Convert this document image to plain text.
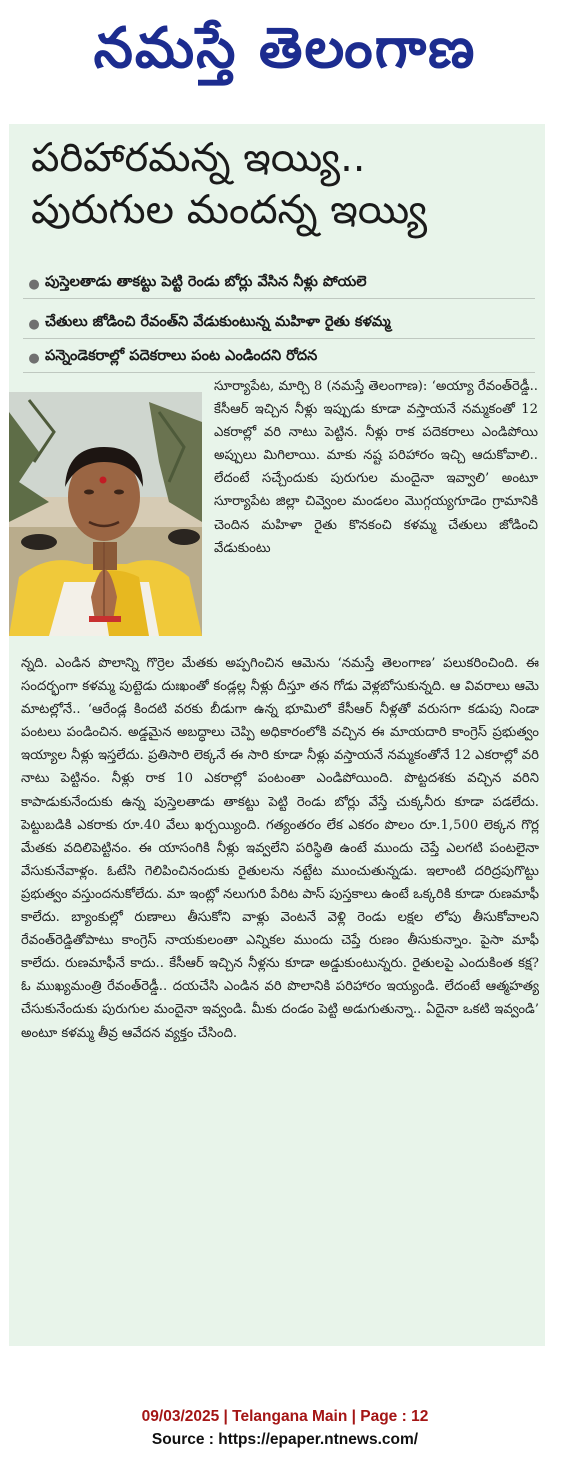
నమస్తే తెలంగాణ
పరిహారమన్న ఇయ్యి..
పురుగుల మందన్న ఇయ్యి
● పుస్తెలతాడు తాకట్టు పెట్టి రెండు బోర్లు వేసిన నీళ్లు పోయలె
● చేతులు జోడించి రేవంత్‌ని వేడుకుంటున్న మహిళా రైతు కళమ్మ
● పన్నెండెకరాల్లో పదెకరాలు పంట ఎండిందని రోదన
సూర్యాపేట, మార్చి 8 (నమస్తే తెలంగాణ): ‘అయ్యా రేవంత్‌రెడ్డీ.. కేసీఆర్‌ ఇచ్చిన నీళ్లు ఇప్పుడు కూడా వస్తాయనే నమ్మకంతో 12 ఎకరాల్లో వరి నాటు పెట్టిన. నీళ్లు రాక పదెకరాలు ఎండిపోయి అప్పులు మిగిలాయి. మాకు నష్ట పరిహారం ఇచ్చి ఆదుకోవాలి.. లేదంటే సచ్చేందుకు పురుగుల మందైనా ఇవ్వాలి’ అంటూ సూర్యాపేట జిల్లా చివ్వెంల మండలం మొగ్గయ్యగూడెం గ్రామానికి చెందిన మహిళా రైతు కొనకంచి కళమ్మ చేతులు జోడించి వేడుకుంటు
న్నది. ఎండిన పొలాన్ని గొర్రెల మేతకు అప్పగించిన ఆమెను ‘నమస్తే తెలంగాణ’ పలుకరించింది. ఈ సందర్భంగా కళమ్మ పుట్టెడు దుఃఖంతో కండ్లల్ల నీళ్లు దీస్తూ తన గోడు వెళ్లబోసుకున్నది. ఆ వివరాలు ఆమె మాటల్లోనే.. ‘ఆరేండ్ల కిందటి వరకు బీడుగా ఉన్న భూమిలో కేసీఆర్‌ నీళ్లతో వరుసగా కడుపు నిండా పంటలు పండించిన. అడ్డమైన అబద్ధాలు చెప్పి అధికారంలోకి వచ్చిన ఈ మాయదారి కాంగ్రెస్‌ ప్రభుత్వం ఇయ్యాల నీళ్లు ఇస్తలేదు. ప్రతిసారి లెక్కనే ఈ సారి కూడా నీళ్లు వస్తాయనే నమ్మకంతోనే 12 ఎకరాల్లో వరి నాటు పెట్టినం. నీళ్లు రాక 10 ఎకరాల్లో పంటంతా ఎండిపోయింది. పొట్టదశకు వచ్చిన వరిని కాపాడుకునేందుకు ఉన్న పుస్తెలతాడు తాకట్టు పెట్టి రెండు బోర్లు వేస్తే చుక్కనీరు కూడా పడలేదు. పెట్టుబడికి ఎకరాకు రూ.40 వేలు ఖర్చయ్యింది. గత్యంతరం లేక ఎకరం పొలం రూ.1,500 లెక్కన గొర్ల మేతకు వదిలిపెట్టినం. ఈ యాసంగికి నీళ్లు ఇవ్వలేని పరిస్థితి ఉంటే ముందు చెప్తే ఎలగటి పంటలైనా వేసుకునేవాళ్లం. ఓటేసి గెలిపించినందుకు రైతులను నట్టేట ముంచుతున్నడు. ఇలాంటి దరిద్రపుగొట్టు ప్రభుత్వం వస్తుందనుకోలేదు. మా ఇంట్లో నలుగురి పేరిట పాస్‌ పుస్తకాలు ఉంటే ఒక్కరికి కూడా రుణమాఫీ కాలేదు. బ్యాంకుల్లో రుణాలు తీసుకోని వాళ్లు వెంటనే వెళ్లి రెండు లక్షల లోపు తీసుకోవాలని రేవంత్‌రెడ్డితోపాటు కాంగ్రెస్‌ నాయకులంతా ఎన్నికల ముందు చెప్తే రుణం తీసుకున్నాం. పైసా మాఫీ కాలేదు. రుణమాఫీనే కాదు.. కేసీఆర్‌ ఇచ్చిన నీళ్లను కూడా అడ్డుకుంటున్నరు. రైతులపై ఎందుకింత కక్ష? ఓ ముఖ్యమంత్రి రేవంత్‌రెడ్డీ.. దయచేసి ఎండిన వరి పొలానికి పరిహారం ఇయ్యండి. లేదంటే ఆత్మహత్య చేసుకునేందుకు పురుగుల మందైనా ఇవ్వండి. మీకు దండం పెట్టి అడుగుతున్నా.. ఏదైనా ఒకటి ఇవ్వండి’ అంటూ కళమ్మ తీవ్ర ఆవేదన వ్యక్తం చేసింది.
09/03/2025 | Telangana Main | Page : 12
Source : https://epaper.ntnews.com/
